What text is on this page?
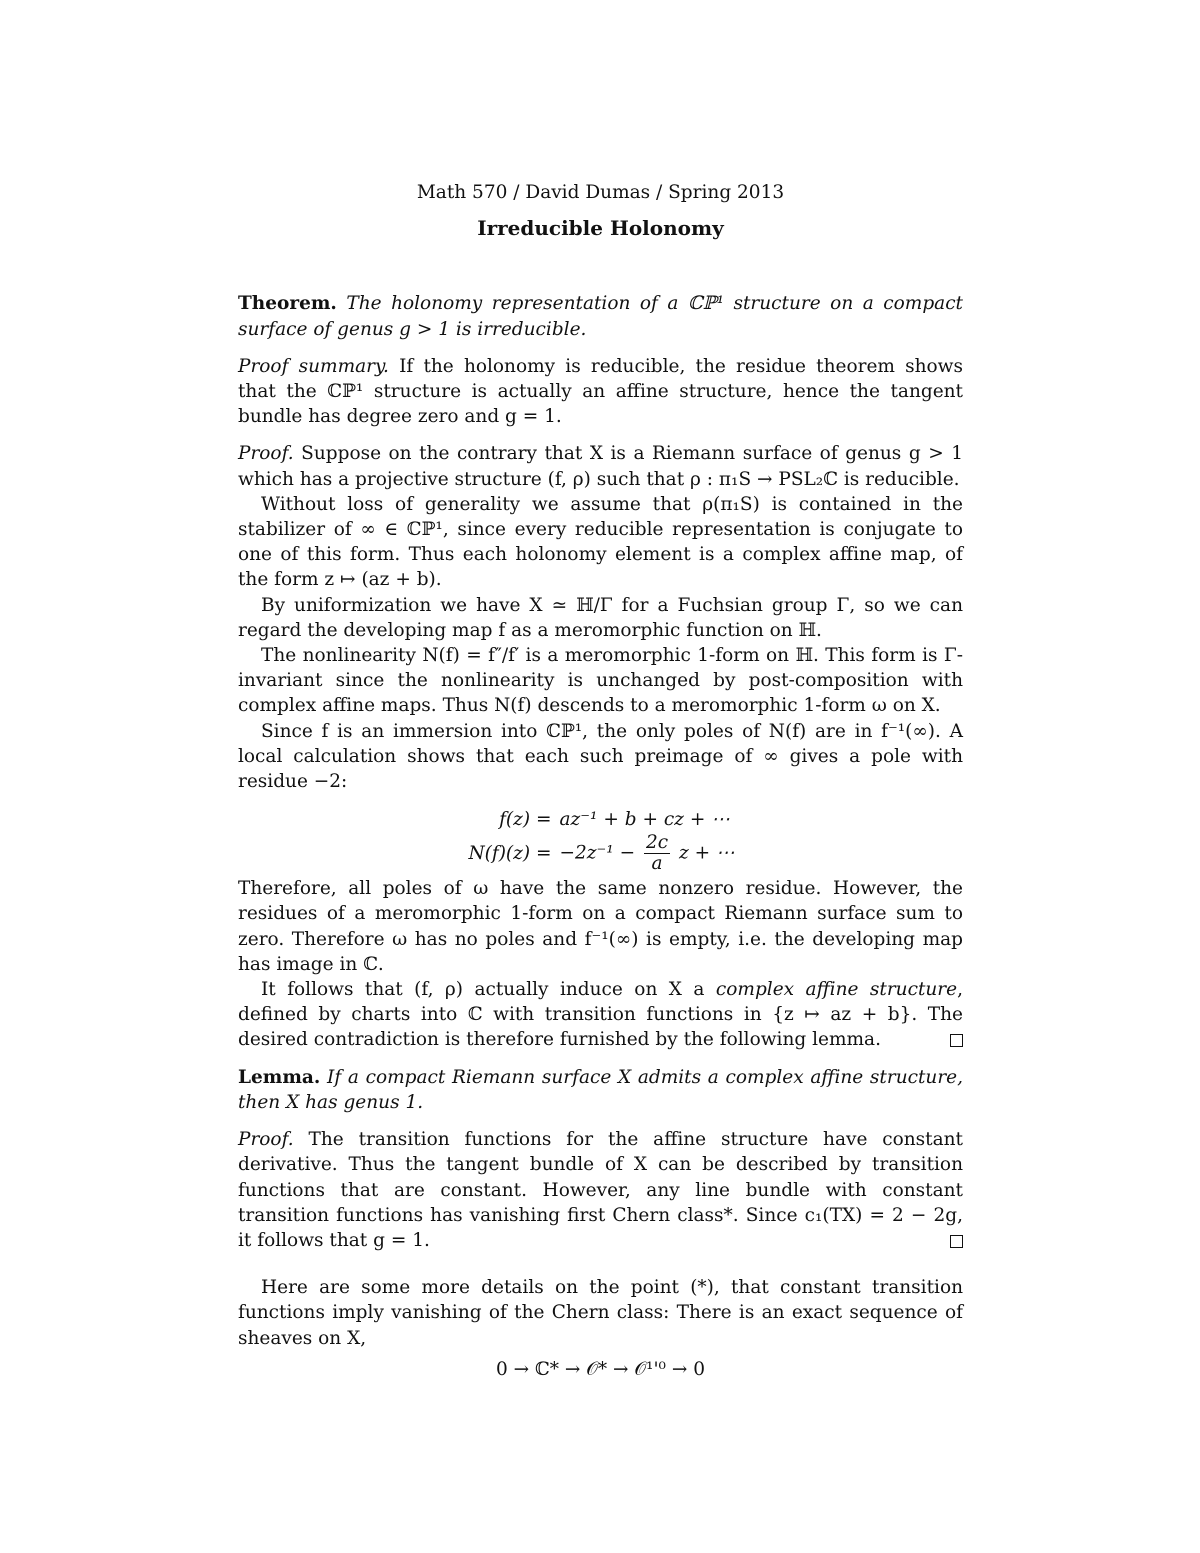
Math 570 / David Dumas / Spring 2013
Irreducible Holonomy

Theorem. The holonomy representation of a ℂℙ¹ structure on a compact surface of genus g > 1 is irreducible.

Proof summary. If the holonomy is reducible, the residue theorem shows that the ℂℙ¹ structure is actually an affine structure, hence the tangent bundle has degree zero and g = 1.

Proof. Suppose on the contrary that X is a Riemann surface of genus g > 1 which has a projective structure (f, ρ) such that ρ : π₁S → PSL₂ℂ is reducible.

Without loss of generality we assume that ρ(π₁S) is contained in the stabilizer of ∞ ∈ ℂℙ¹, since every reducible representation is conjugate to one of this form. Thus each holonomy element is a complex affine map, of the form z ↦ (az + b).

By uniformization we have X ≃ ℍ/Γ for a Fuchsian group Γ, so we can regard the developing map f as a meromorphic function on ℍ.

The nonlinearity N(f) = f″/f′ is a meromorphic 1-form on ℍ. This form is Γ-invariant since the nonlinearity is unchanged by post-composition with complex affine maps. Thus N(f) descends to a meromorphic 1-form ω on X.

Since f is an immersion into ℂℙ¹, the only poles of N(f) are in f⁻¹(∞). A local calculation shows that each such preimage of ∞ gives a pole with residue −2:

f(z) = az⁻¹ + b + cz + ⋯
$N(f)(z) = -2z^{-1} - \frac{2c}{a}$ z + ⋯

Therefore, all poles of ω have the same nonzero residue. However, the residues of a meromorphic 1-form on a compact Riemann surface sum to zero. Therefore ω has no poles and f⁻¹(∞) is empty, i.e. the developing map has image in ℂ.

It follows that (f, ρ) actually induce on X a complex affine structure, defined by charts into ℂ with transition functions in {z ↦ az + b}. The desired contradiction is therefore furnished by the following lemma.

Lemma. If a compact Riemann surface X admits a complex affine structure, then X has genus 1.

Proof. The transition functions for the affine structure have constant derivative. Thus the tangent bundle of X can be described by transition functions that are constant. However, any line bundle with constant transition functions has vanishing first Chern class*. Since c₁(TX) = 2 − 2g, it follows that g = 1.

Here are some more details on the point (*), that constant transition functions imply vanishing of the Chern class: There is an exact sequence of sheaves on X,

0 → ℂ* → 𝒪* → 𝒪¹'⁰ → 0
